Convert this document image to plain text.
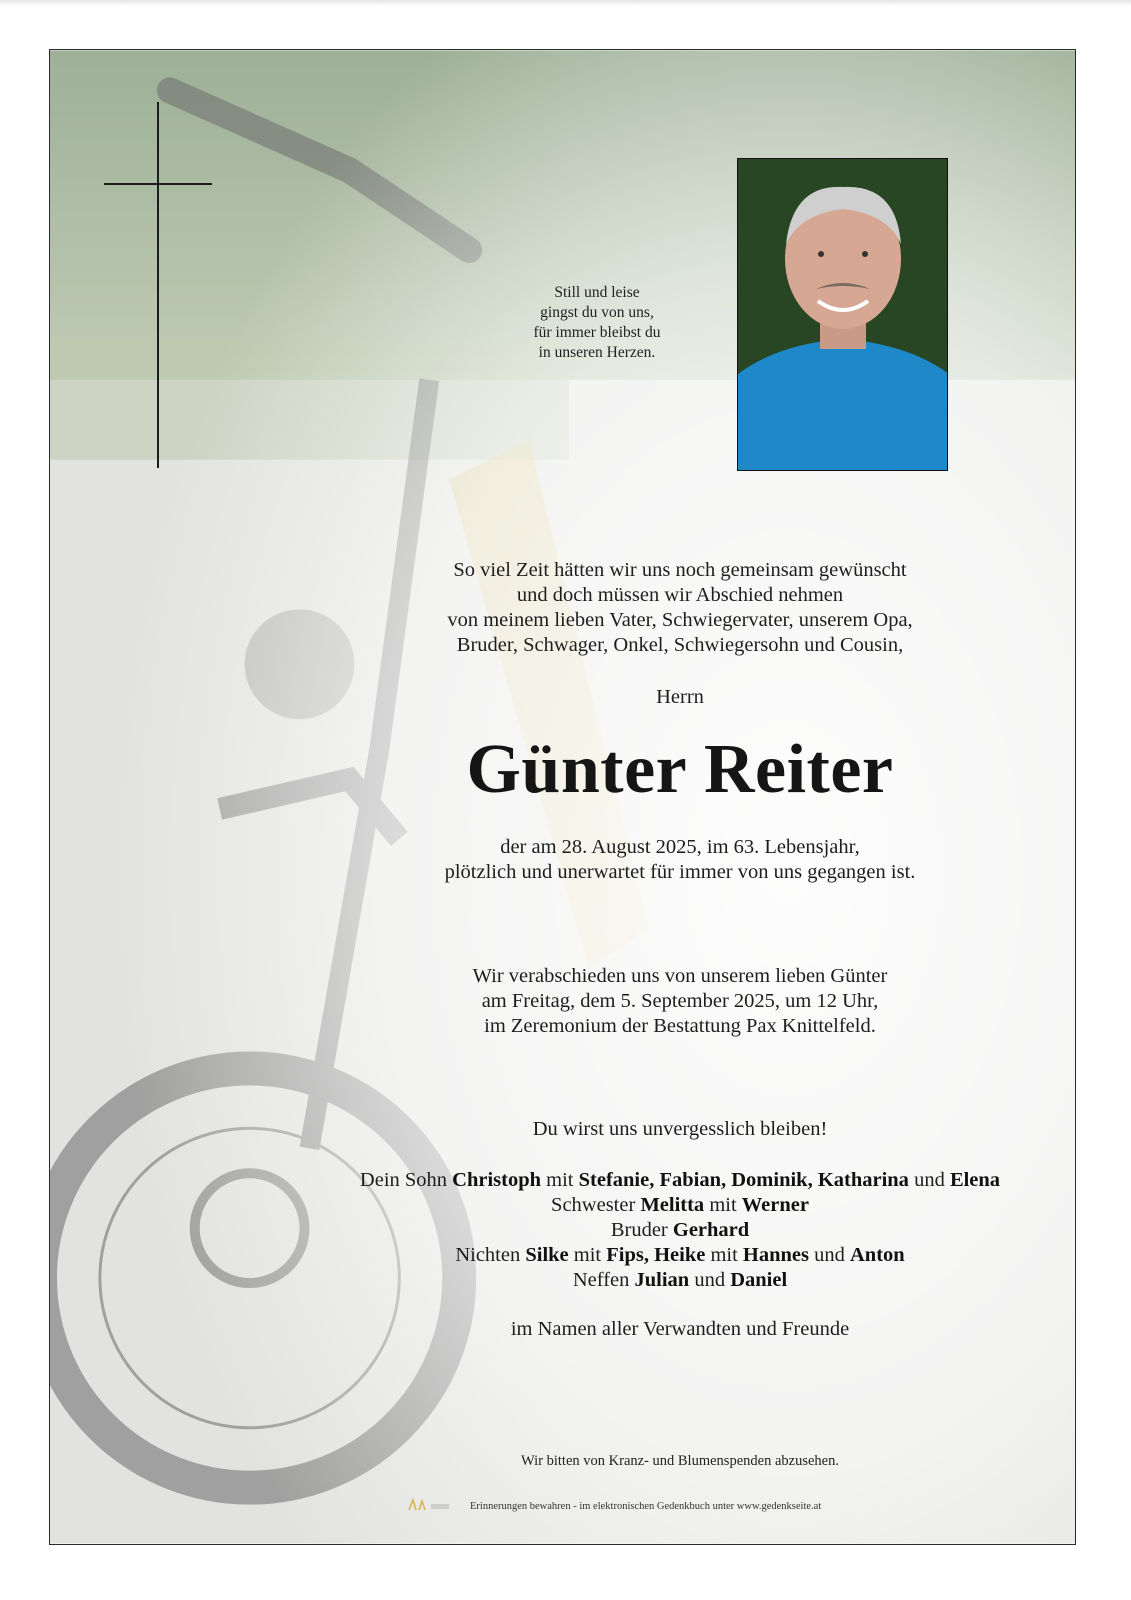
Still und leise
gingst du von uns,
für immer bleibst du
in unseren Herzen.
So viel Zeit hätten wir uns noch gemeinsam gewünscht
und doch müssen wir Abschied nehmen
von meinem lieben Vater, Schwiegervater, unserem Opa,
Bruder, Schwager, Onkel, Schwiegersohn und Cousin,
Herrn
Günter Reiter
der am 28. August 2025, im 63. Lebensjahr,
plötzlich und unerwartet für immer von uns gegangen ist.
Wir verabschieden uns von unserem lieben Günter
am Freitag, dem 5. September 2025, um 12 Uhr,
im Zeremonium der Bestattung Pax Knittelfeld.
Du wirst uns unvergesslich bleiben!
Dein Sohn Christoph mit Stefanie, Fabian, Dominik, Katharina und Elena
Schwester Melitta mit Werner
Bruder Gerhard
Nichten Silke mit Fips, Heike mit Hannes und Anton
Neffen Julian und Daniel
im Namen aller Verwandten und Freunde
Wir bitten von Kranz- und Blumenspenden abzusehen.
Erinnerungen bewahren - im elektronischen Gedenkbuch unter www.gedenkseite.at
